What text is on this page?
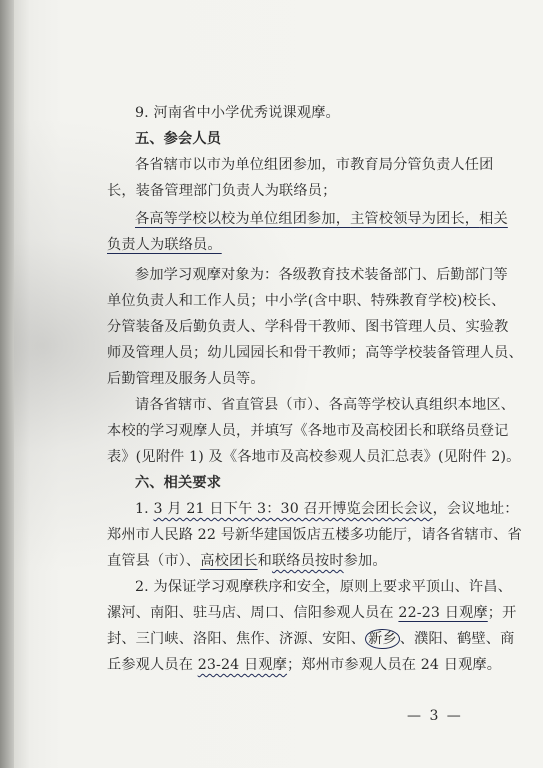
9. 河南省中小学优秀说课观摩。
五、参会人员
各省辖市以市为单位组团参加，市教育局分管负责人任团
长，装备管理部门负责人为联络员；
各高等学校以校为单位组团参加，主管校领导为团长，相关
负责人为联络员。
参加学习观摩对象为：各级教育技术装备部门、后勤部门等
单位负责人和工作人员；中小学(含中职、特殊教育学校)校长、
分管装备及后勤负责人、学科骨干教师、图书管理人员、实验教
师及管理人员；幼儿园园长和骨干教师；高等学校装备管理人员、
后勤管理及服务人员等。
请各省辖市、省直管县（市）、各高等学校认真组织本地区、
本校的学习观摩人员，并填写《各地市及高校团长和联络员登记
表》(见附件 1) 及《各地市及高校参观人员汇总表》(见附件 2)。
六、相关要求
1. 3 月 21 日下午 3：30 召开博览会团长会议，会议地址：
郑州市人民路 22 号新华建国饭店五楼多功能厅，请各省辖市、省
直管县（市）、高校团长和联络员按时参加。
2. 为保证学习观摩秩序和安全，原则上要求平顶山、许昌、
漯河、南阳、驻马店、周口、信阳参观人员在 22-23 日观摩；开
封、三门峡、洛阳、焦作、济源、安阳、 新乡 、濮阳、鹤壁、商
丘参观人员在 23-24 日观摩；郑州市参观人员在 24 日观摩。
— 3 —
